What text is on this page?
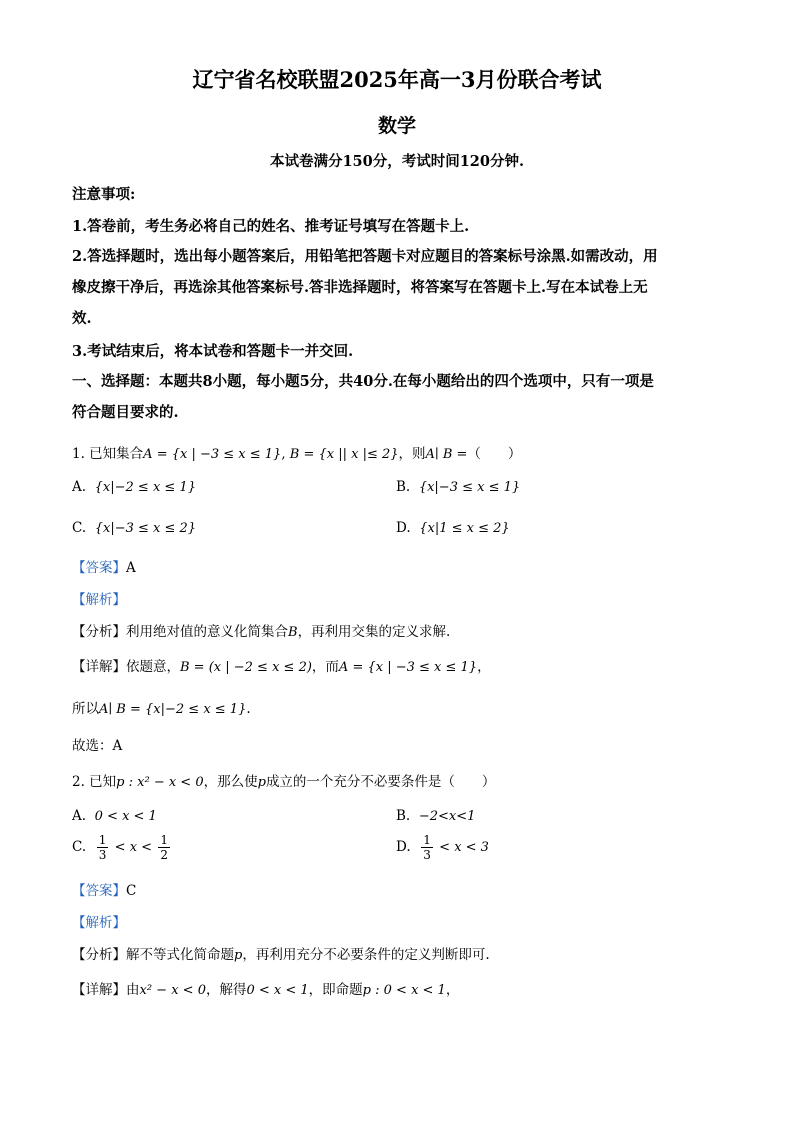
辽宁省名校联盟2025年高一3月份联合考试
数学
本试卷满分150分，考试时间120分钟.
注意事项:
1.答卷前，考生务必将自己的姓名、推考证号填写在答题卡上.
2.答选择题时，选出每小题答案后，用铅笔把答题卡对应题目的答案标号涂黑.如需改动，用
橡皮擦干净后，再选涂其他答案标号.答非选择题时，将答案写在答题卡上.写在本试卷上无
效.
3.考试结束后，将本试卷和答题卡一并交回.
一、选择题：本题共8小题，每小题5分，共40分.在每小题给出的四个选项中，只有一项是
符合题目要求的.
1. 已知集合A = {x | −3 ≤ x ≤ 1}, B = {x || x |≤ 2}，则A∣ B =（　　）
A. {x|−2 ≤ x ≤ 1}	B. {x|−3 ≤ x ≤ 1}
C. {x|−3 ≤ x ≤ 2}	D. {x|1 ≤ x ≤ 2}
【答案】A
【解析】
【分析】利用绝对值的意义化简集合B，再利用交集的定义求解.
【详解】依题意，B = (x | −2 ≤ x ≤ 2)，而A = {x | −3 ≤ x ≤ 1}，
所以A∣ B = {x|−2 ≤ x ≤ 1}.
故选：A
2. 已知p : x² − x < 0，那么使p成立的一个充分不必要条件是（　　）
A. 0 < x < 1	B. −2<x<1
C. $\frac{1}{3} < x < \frac{1}{2}$	D. $\frac{1}{3} < x < 3$
【答案】C
【解析】
【分析】解不等式化简命题p，再利用充分不必要条件的定义判断即可.
【详解】由x² − x < 0，解得0 < x < 1，即命题p : 0 < x < 1，
